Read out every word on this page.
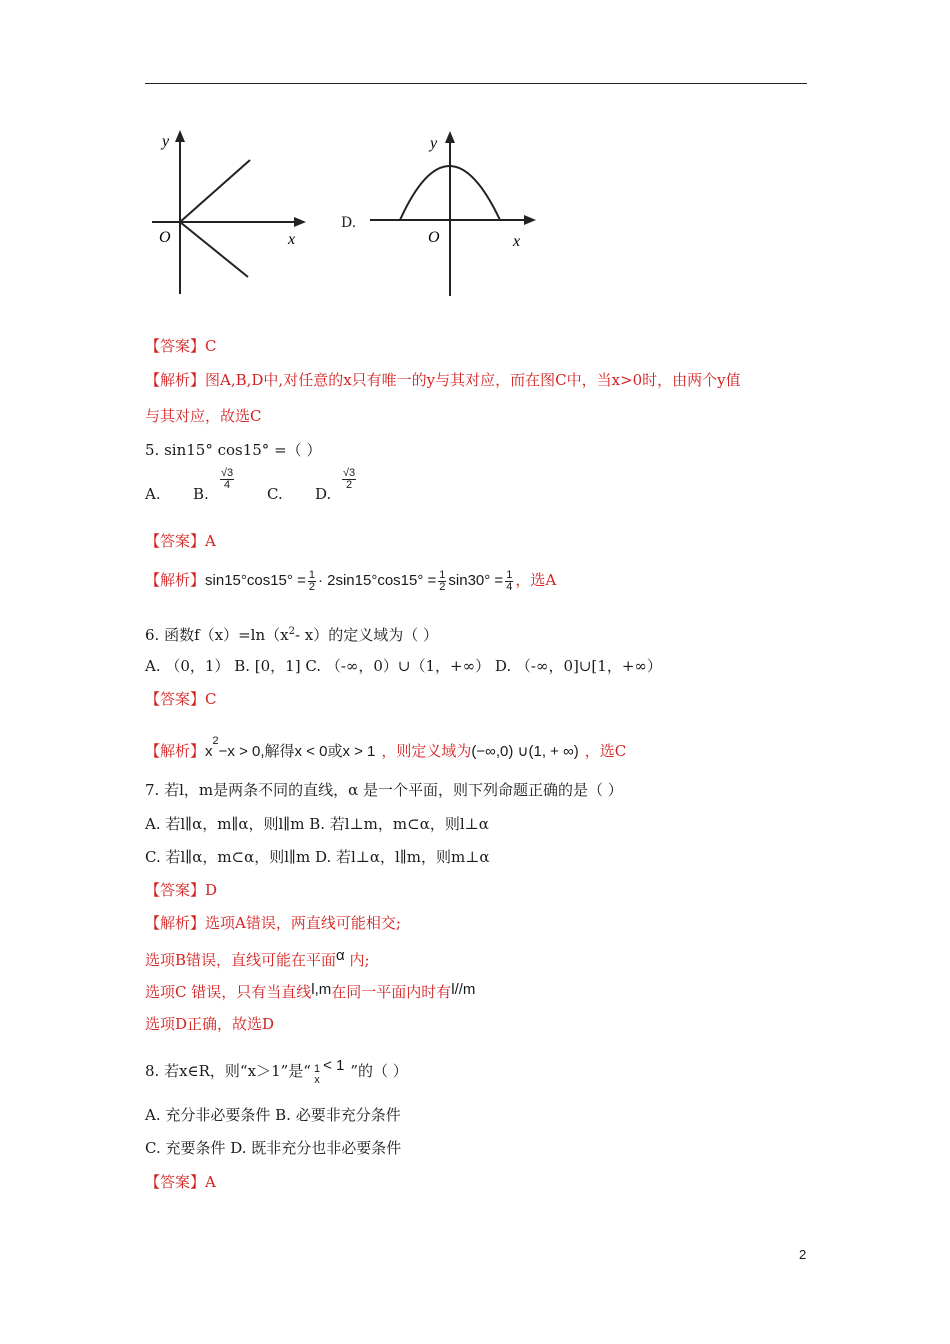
y
O	x
D.
y
O	x
【答案】C
【解析】图A,B,D中,对任意的x只有唯一的y与其对应，而在图C中，当x>0时，由两个y值
与其对应，故选C
5. sin15° cos15° =（ ）
A. B.
$\frac{√3}{4}$
C. D.
$\frac{√3}{2}$
【答案】A
【解析】$\sin 15^\circ\cos 15^\circ = \frac{1}{2} \cdot 2\sin 15^\circ\cos 15^\circ = \frac{1}{2} \sin 30^\circ = \frac{1}{4}$ ，选A
6. 函数$f(x)=\ln(x^2-$ x）的定义域为（ ）
A. （0，1） B. [0，1] C. （-∞，0）∪（1，+∞） D. （-∞，0]∪[1，+∞）
【答案】C
【解析】$x^2-x > 0$,解得x < 0或x > 1 ，则定义域为(−∞,0) ∪(1, + ∞) ，选C
7. 若l，m是两条不同的直线，α 是一个平面，则下列命题正确的是（ ）
A. 若l∥α，m∥α，则l∥m B. 若l⊥m，m⊂α，则l⊥α
C. 若l∥α，m⊂α，则l∥m D. 若l⊥α，l∥m，则m⊥α
【答案】D
【解析】选项A错误，两直线可能相交;
选项B错误，直线可能在平面α 内;
选项C 错误，只有当直线l,m在同一平面内时有l//m
选项D正确，故选D
8. 若x∈R，则“x＞1”是“ 1
x
< 1 ”的（ ）
A. 充分非必要条件 B. 必要非充分条件
C. 充要条件 D. 既非充分也非必要条件
【答案】A
2
